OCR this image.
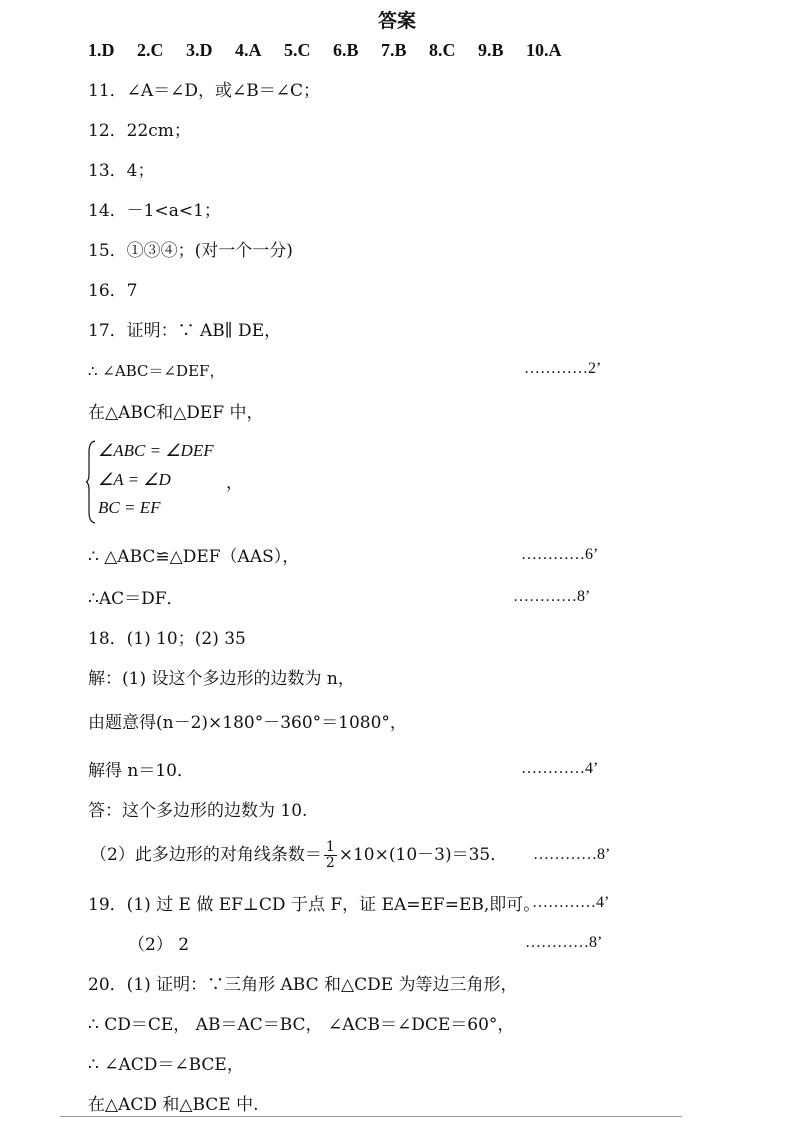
答案
1.D 2.C 3.D 4.A 5.C 6.B 7.B 8.C 9.B 10.A
11．∠A＝∠D，或∠B＝∠C；
12．22cm；
13．4；
14．－1<a<1；
15．①③④；(对一个一分)
16．7
17．证明：∵ AB∥ DE，
∴ ∠ABC＝∠DEF，	…………2’
在△ABC和△DEF 中，
∠ABC = ∠DEF
∠A = ∠D	，
BC = EF
∴ △ABC≌△DEF（AAS），	…………6’
∴AC＝DF．	…………8’
18．(1) 10；(2) 35
解：(1) 设这个多边形的边数为 n，
由题意得(n－2)×180°－360°＝1080°，
解得 n＝10．	…………4’
答：这个多边形的边数为 10.
（2）此多边形的对角线条数＝ $\frac{1}{2} \times 10\times(10-3)=35$． …………8’
19．(1) 过 E 做 EF⊥CD 于点 F，证 EA=EF=EB,即可。
…………4’
（2） 2	…………8’
20．(1) 证明：∵三角形 ABC 和△CDE 为等边三角形，
∴ CD＝CE， AB＝AC＝BC， ∠ACB＝∠DCE＝60°，
∴ ∠ACD＝∠BCE，
在△ACD 和△BCE 中.
